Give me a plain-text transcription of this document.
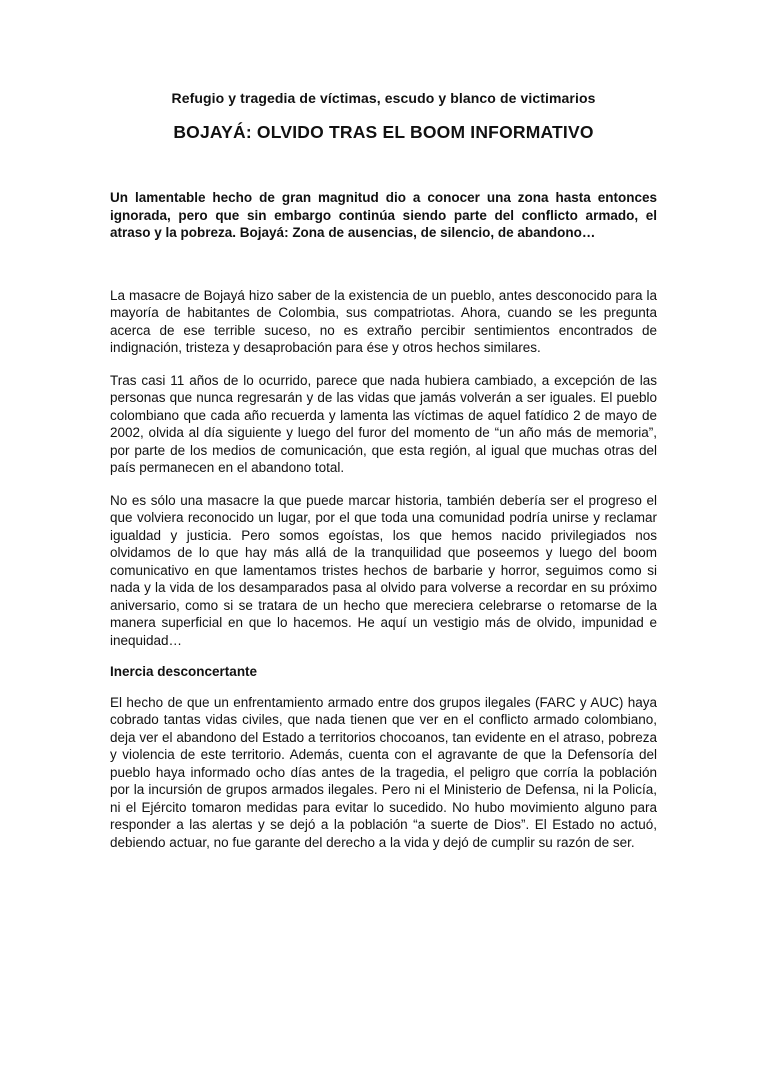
Refugio y tragedia de víctimas, escudo y blanco de victimarios

BOJAYÁ: OLVIDO TRAS EL BOOM INFORMATIVO

Un lamentable hecho de gran magnitud dio a conocer una zona hasta entonces ignorada, pero que sin embargo continúa siendo parte del conflicto armado, el atraso y la pobreza. Bojayá: Zona de ausencias, de silencio, de abandono…

La masacre de Bojayá hizo saber de la existencia de un pueblo, antes desconocido para la mayoría de habitantes de Colombia, sus compatriotas. Ahora, cuando se les pregunta acerca de ese terrible suceso, no es extraño percibir sentimientos encontrados de indignación, tristeza y desaprobación para ése y otros hechos similares.

Tras casi 11 años de lo ocurrido, parece que nada hubiera cambiado, a excepción de las personas que nunca regresarán y de las vidas que jamás volverán a ser iguales. El pueblo colombiano que cada año recuerda y lamenta las víctimas de aquel fatídico 2 de mayo de 2002, olvida al día siguiente y luego del furor del momento de “un año más de memoria”, por parte de los medios de comunicación, que esta región, al igual que muchas otras del país permanecen en el abandono total.

No es sólo una masacre la que puede marcar historia, también debería ser el progreso el que volviera reconocido un lugar, por el que toda una comunidad podría unirse y reclamar igualdad y justicia. Pero somos egoístas, los que hemos nacido privilegiados nos olvidamos de lo que hay más allá de la tranquilidad que poseemos y luego del boom comunicativo en que lamentamos tristes hechos de barbarie y horror, seguimos como si nada y la vida de los desamparados pasa al olvido para volverse a recordar en su próximo aniversario, como si se tratara de un hecho que mereciera celebrarse o retomarse de la manera superficial en que lo hacemos. He aquí un vestigio más de olvido, impunidad e inequidad…

Inercia desconcertante

El hecho de que un enfrentamiento armado entre dos grupos ilegales (FARC y AUC) haya cobrado tantas vidas civiles, que nada tienen que ver en el conflicto armado colombiano, deja ver el abandono del Estado a territorios chocoanos, tan evidente en el atraso, pobreza y violencia de este territorio. Además, cuenta con el agravante de que la Defensoría del pueblo haya informado ocho días antes de la tragedia, el peligro que corría la población por la incursión de grupos armados ilegales. Pero ni el Ministerio de Defensa, ni la Policía, ni el Ejército tomaron medidas para evitar lo sucedido. No hubo movimiento alguno para responder a las alertas y se dejó a la población “a suerte de Dios”. El Estado no actuó, debiendo actuar, no fue garante del derecho a la vida y dejó de cumplir su razón de ser.
